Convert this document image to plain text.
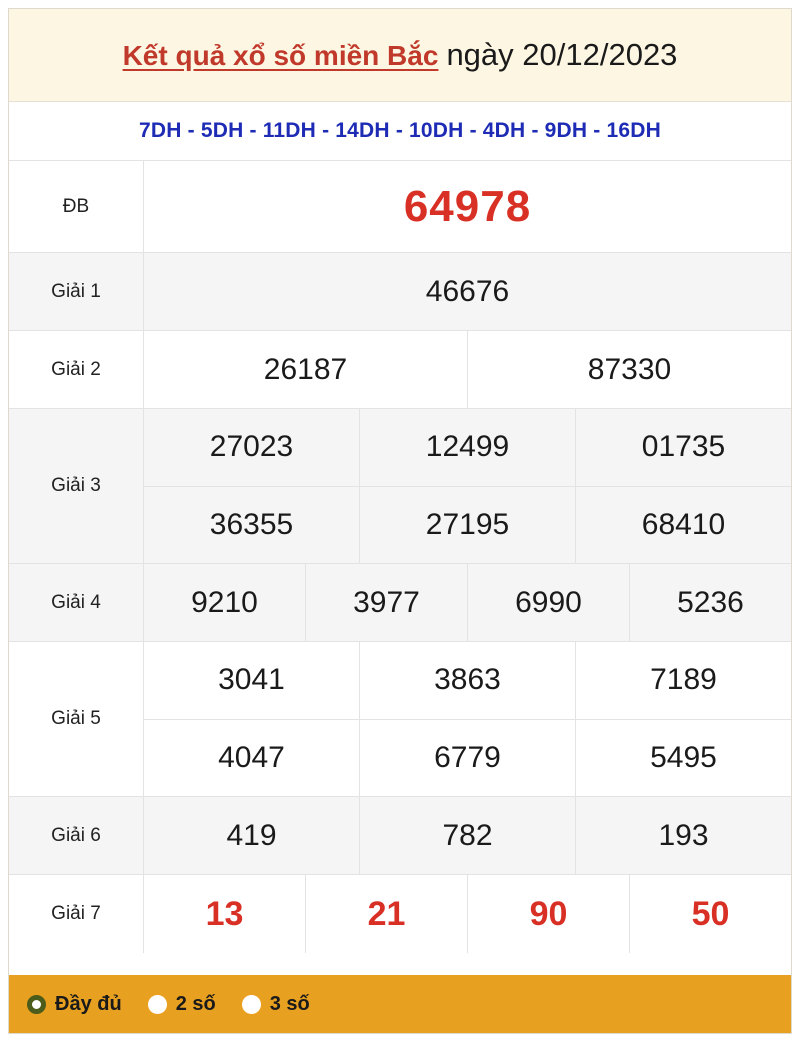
Kết quả xổ số miền Bắc ngày 20/12/2023
7DH - 5DH - 11DH - 14DH - 10DH - 4DH - 9DH - 16DH
ĐB	64978
Giải 1	46676
Giải 2	26187	87330
Giải 3
27023	12499	01735
36355	27195	68410
Giải 4	9210	3977	6990	5236
Giải 5
3041	3863	7189
4047	6779	5495
Giải 6	419	782	193
Giải 7	13	21	90	50
Đầy đủ	2 số	3 số
